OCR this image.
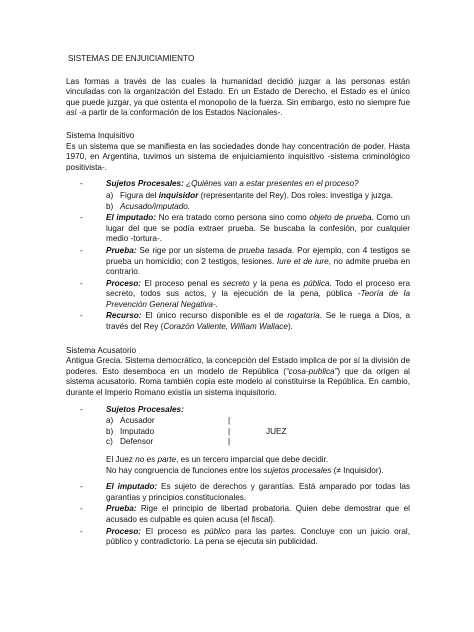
SISTEMAS DE ENJUICIAMIENTO

Las formas a través de las cuales la humanidad decidió juzgar a las personas están vinculadas con la organización del Estado. En un Estado de Derecho, el Estado es el único que puede juzgar, ya que ostenta el monopolio de la fuerza. Sin embargo, esto no siempre fue así -a partir de la conformación de los Estados Nacionales-.

Sistema Inquisitivo

Es un sistema que se manifiesta en las sociedades donde hay concentración de poder. Hasta 1970, en Argentina, tuvimos un sistema de enjuiciamiento inquisitivo -sistema criminológico positivista-.

-	Sujetos Procesales: ¿Quiénes van a estar presentes en el proceso?
a) Figura del inquisidor (representante del Rey). Dos roles: investiga y juzga.
b) Acusado/imputado.
-	El imputado: No era tratado como persona sino como objeto de prueba. Como un lugar del que se podía extraer prueba. Se buscaba la confesión, por cualquier medio -tortura-.
-	Prueba: Se rige por un sistema de prueba tasada. Por ejemplo, con 4 testigos se prueba un homicidio; con 2 testigos, lesiones. Iure et de iure, no admite prueba en contrario.
-	Proceso: El proceso penal es secreto y la pena es pública. Todo el proceso era secreto, todos sus actos, y la ejecución de la pena, pública -Teoría de la Prevención General Negativa-.
-	Recurso: El único recurso disponible es el de rogatoria. Se le ruega a Dios, a través del Rey (Corazón Valiente, William Wallace).
Sistema Acusatorio

Antigua Grecia. Sistema democrático, la concepción del Estado implica de por sí la división de poderes. Esto desemboca en un modelo de República (“cosa-publica”) que da origen al sistema acusatorio. Roma también copia este modelo al constituirse la República. En cambio, durante el Imperio Romano existía un sistema inquisitorio.

-	Sujetos Procesales:
a) Acusador	|
b) Imputado	|	JUEZ
c) Defensor	|
El Juez no es parte, es un tercero imparcial que debe decidir.
No hay congruencia de funciones entre los sujetos procesales (≠ Inquisidor).
-	El imputado: Es sujeto de derechos y garantías. Está amparado por todas las garantías y principios constitucionales.
-	Prueba: Rige el principio de libertad probatoria. Quien debe demostrar que el acusado es culpable es quien acusa (el fiscal).
-	Proceso: El proceso es público para las partes. Concluye con un juicio oral, público y contradictorio. La pena se ejecuta sin publicidad.
